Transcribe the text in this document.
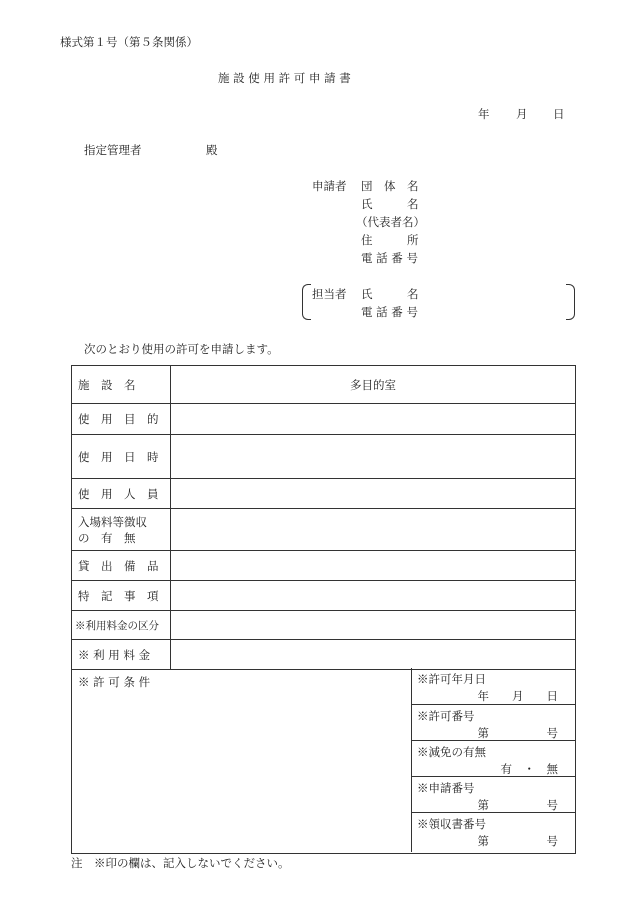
様式第１号（第５条関係）
施 設 使 用 許 可 申 請 書
年 月 日
指定管理者	殿
申請者 団　体　名
氏　　　名
（代表者名）
住　　　所
電 話 番 号
担当者 氏　　　名
電 話 番 号
次のとおり使用の許可を申請します。
施　設　名	多目的室
使　用　目　的	
使　用　日　時	
使　用　人　員	

入場料等徴収
の　有　無	

貸　出　備　品	
特　記　事　項	
※利用料金の区分	
※ 利 用 料 金	
※ 許 可 条 件		※許可年月日
年　　月　　日
※許可番号
第　　　　　号
※減免の有無
有　・　無
※申請番号
第　　　　　号
※領収書番号
第　　　　　号
注　※印の欄は、記入しないでください。
